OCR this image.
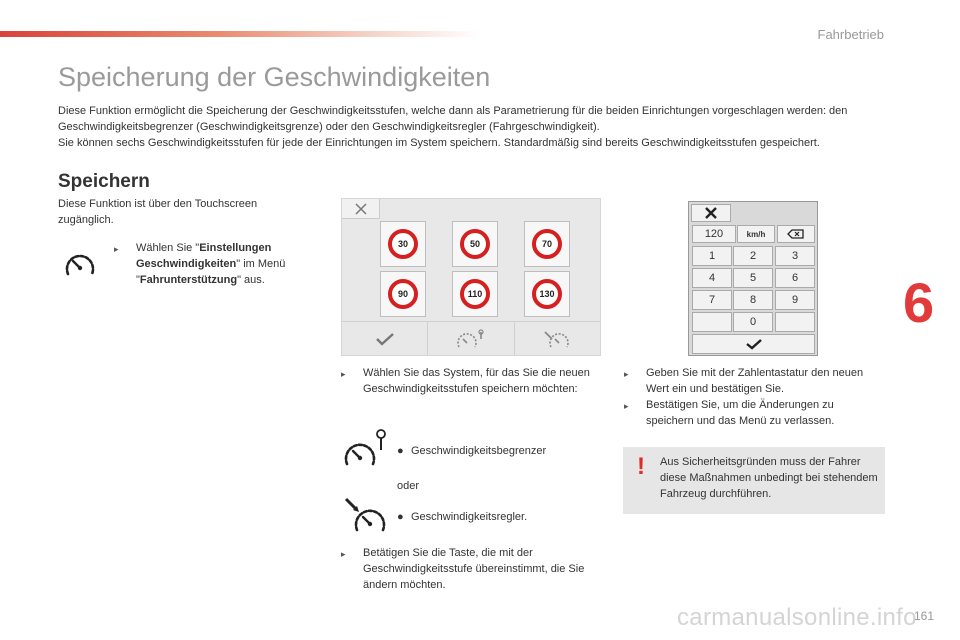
Fahrbetrieb
Speicherung der Geschwindigkeiten

Diese Funktion ermöglicht die Speicherung der Geschwindigkeitsstufen, welche dann als Parametrierung für die beiden Einrichtungen vorgeschlagen werden: den Geschwindigkeitsbegrenzer (Geschwindigkeitsgrenze) oder den Geschwindigkeitsregler (Fahrgeschwindigkeit).

Sie können sechs Geschwindigkeitsstufen für jede der Einrichtungen im System speichern. Standardmäßig sind bereits Geschwindigkeitsstufen gespeichert.

Speichern
Diese Funktion ist über den Touchscreen zugänglich.
▸	Wählen Sie "Einstellungen Geschwindigkeiten" im Menü "Fahrunterstützung" aus.
30	50	70
90	110	130
120	km/h
1	2	3
4	5	6
7	8	9
0
▸	Wählen Sie das System, für das Sie die neuen Geschwindigkeitsstufen speichern möchten:
● Geschwindigkeitsbegrenzer
oder
● Geschwindigkeitsregler.
▸	Betätigen Sie die Taste, die mit der Geschwindigkeitsstufe übereinstimmt, die Sie ändern möchten.
▸	Geben Sie mit der Zahlentastatur den neuen Wert ein und bestätigen Sie.
▸	Bestätigen Sie, um die Änderungen zu speichern und das Menü zu verlassen.
! Aus Sicherheitsgründen muss der Fahrer diese Maßnahmen unbedingt bei stehendem Fahrzeug durchführen.
6
carmanualsonline.info
161
